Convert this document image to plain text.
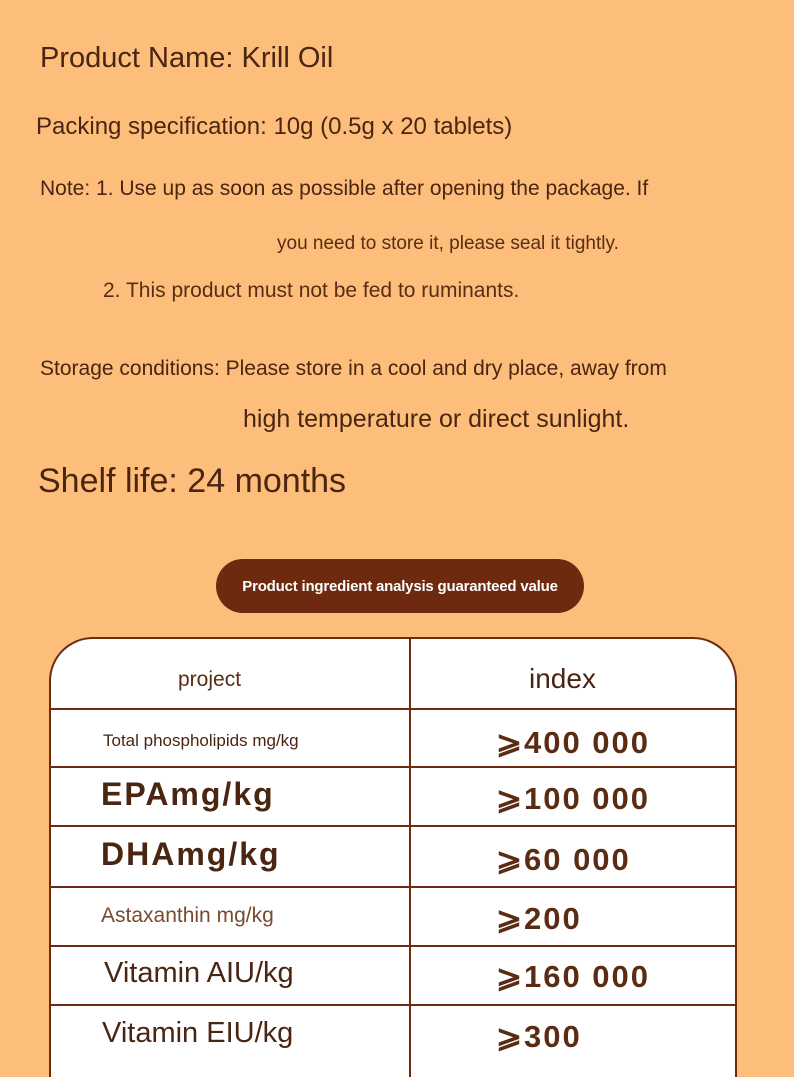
Product Name: Krill Oil

Packing specification: 10g (0.5g x 20 tablets)

Note: 1. Use up as soon as possible after opening the package. If

you need to store it, please seal it tightly.

2. This product must not be fed to ruminants.

Storage conditions: Please store in a cool and dry place, away from

high temperature or direct sunlight.

Shelf life: 24 months

Product ingredient analysis guaranteed value
project	index
Total phospholipids mg/kg	⩾400 000
EPAmg/kg	⩾100 000
DHAmg/kg	⩾60 000
Astaxanthin mg/kg	⩾200
Vitamin AIU/kg	⩾160 000
Vitamin EIU/kg	⩾300
